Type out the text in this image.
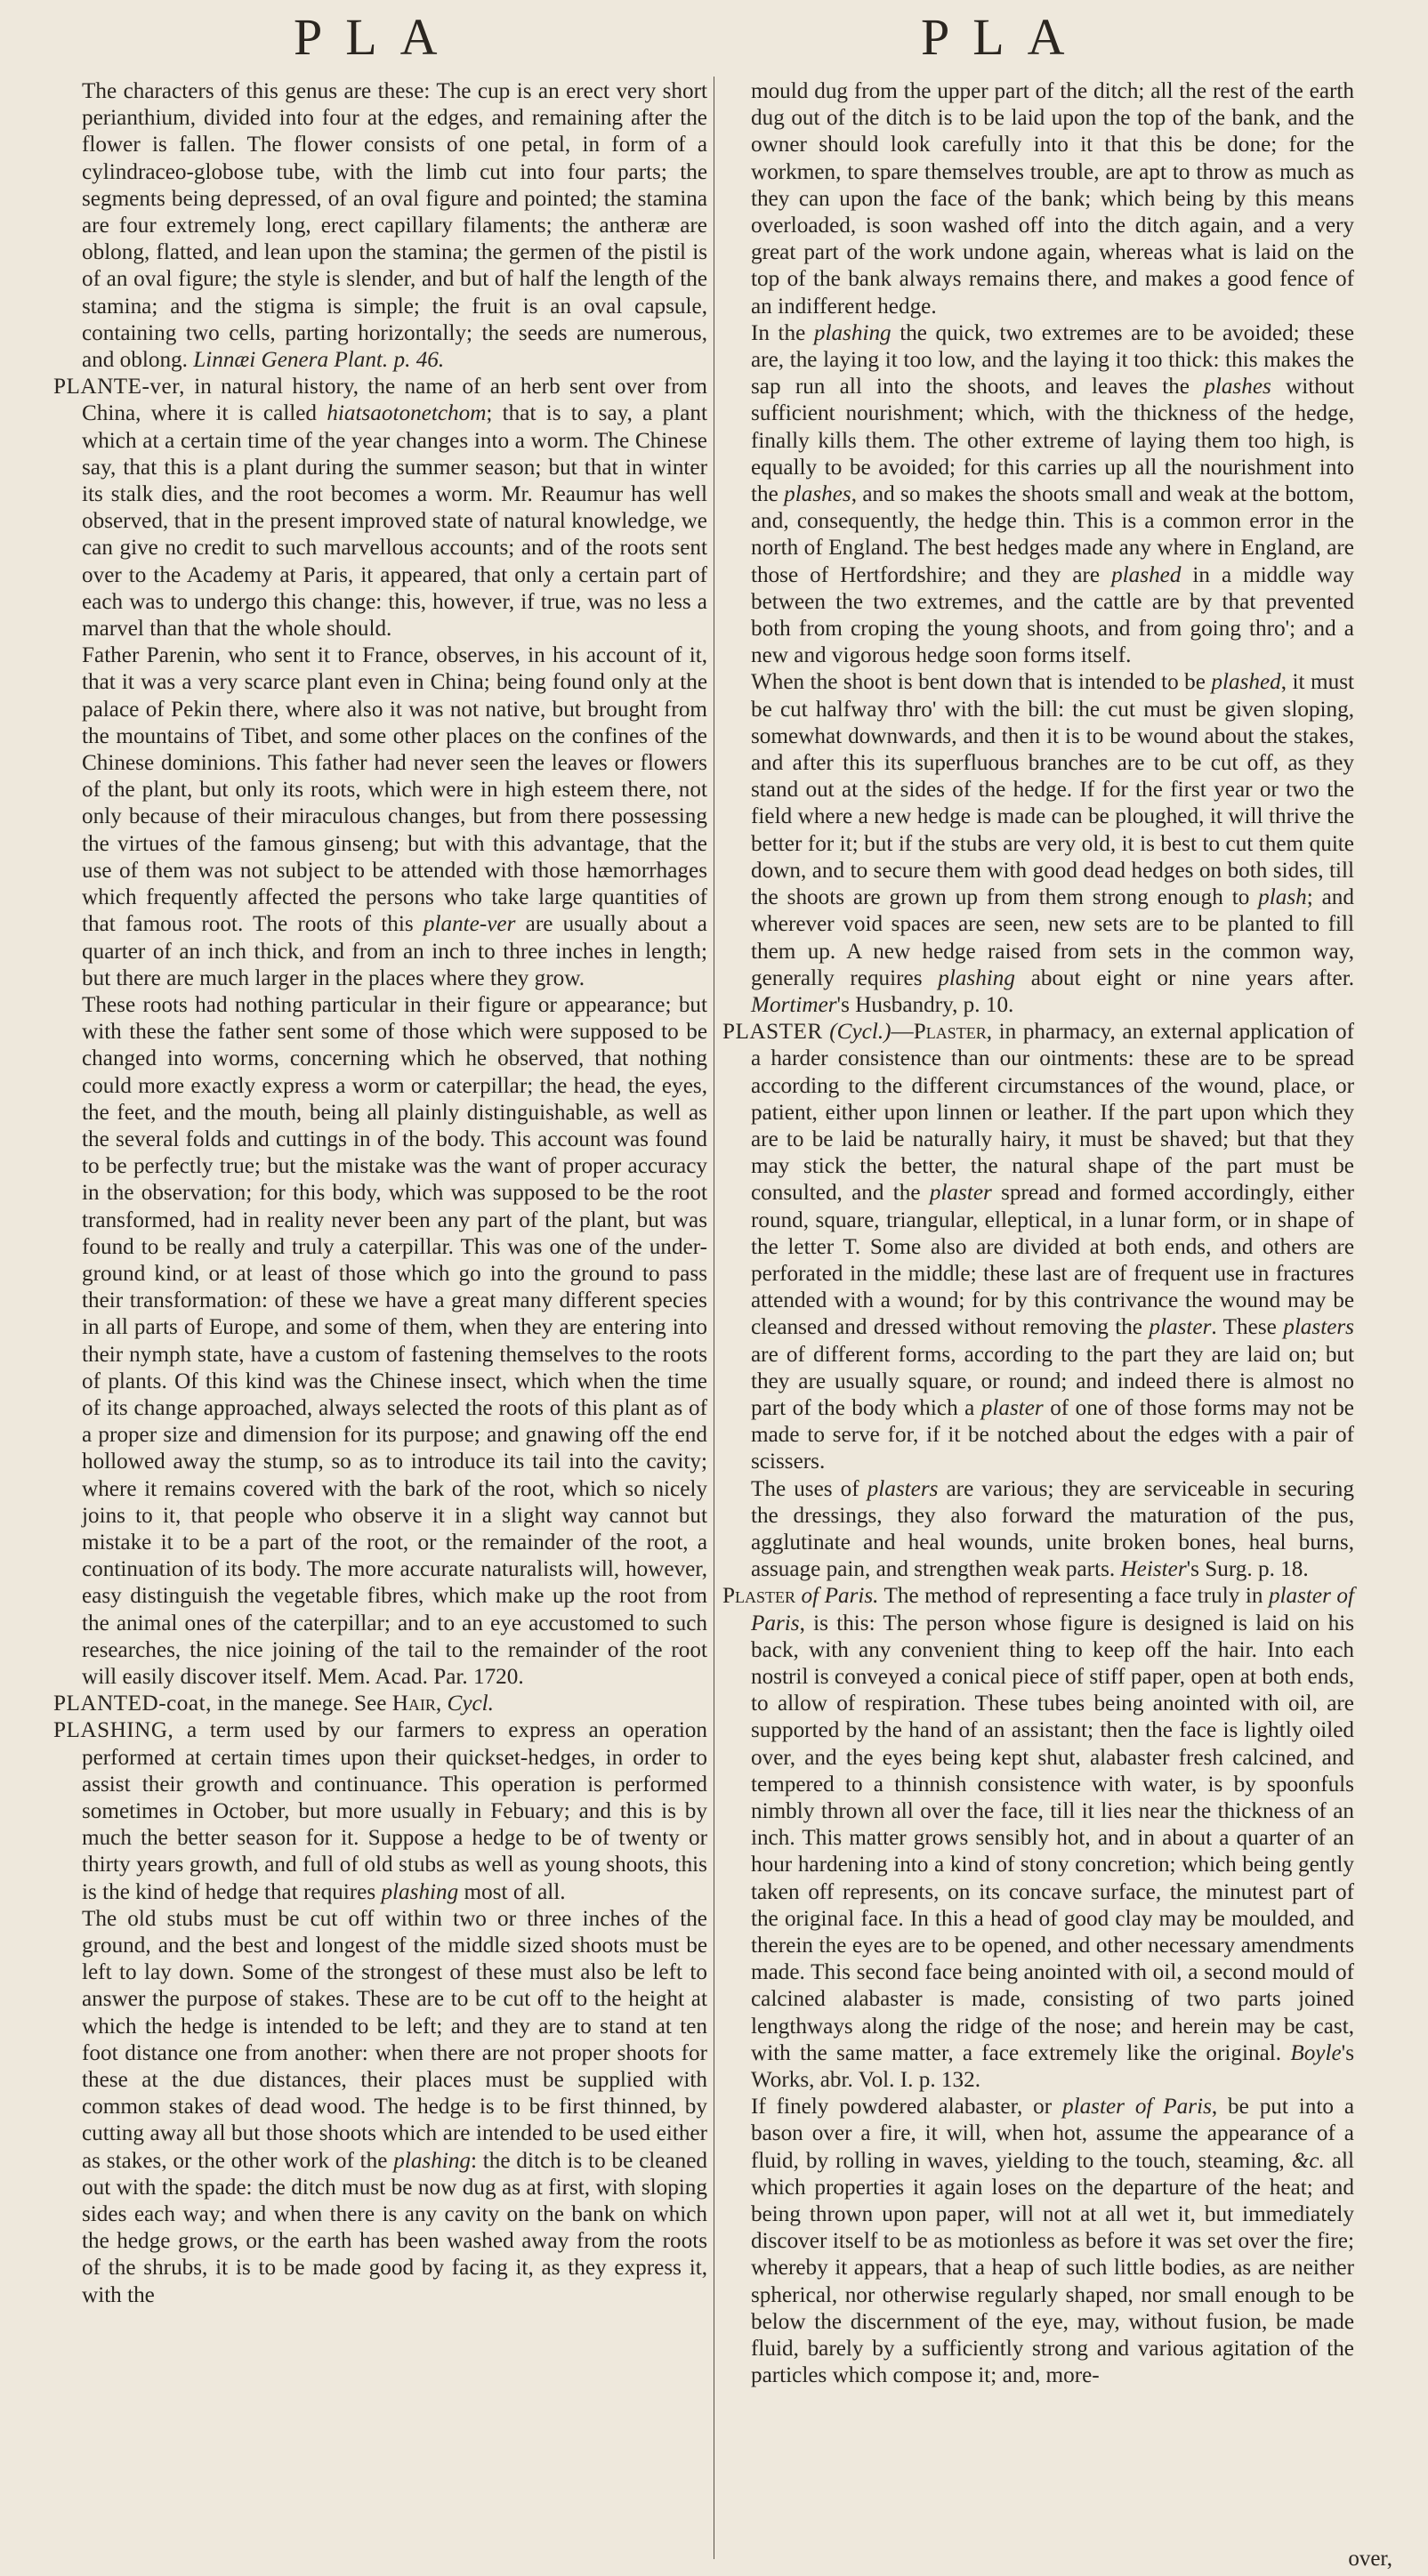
PLA	PLA

The characters of this genus are these: The cup is an erect very short perianthium, divided into four at the edges, and remaining after the flower is fallen. The flower consists of one petal, in form of a cylindraceo-globose tube, with the limb cut into four parts; the segments being depressed, of an oval figure and pointed; the stamina are four extremely long, erect capillary filaments; the antheræ are oblong, flatted, and lean upon the stamina; the germen of the pistil is of an oval figure; the style is slender, and but of half the length of the stamina; and the stigma is simple; the fruit is an oval capsule, containing two cells, parting horizontally; the seeds are numerous, and oblong. Linnæi Genera Plant. p. 46.

PLANTE-ver, in natural history, the name of an herb sent over from China, where it is called hiatsaotonetchom; that is to say, a plant which at a certain time of the year changes into a worm. The Chinese say, that this is a plant during the summer season; but that in winter its stalk dies, and the root becomes a worm. Mr. Reaumur has well observed, that in the present improved state of natural knowledge, we can give no credit to such marvellous accounts; and of the roots sent over to the Academy at Paris, it appeared, that only a certain part of each was to undergo this change: this, however, if true, was no less a marvel than that the whole should.

Father Parenin, who sent it to France, observes, in his account of it, that it was a very scarce plant even in China; being found only at the palace of Pekin there, where also it was not native, but brought from the mountains of Tibet, and some other places on the confines of the Chinese dominions. This father had never seen the leaves or flowers of the plant, but only its roots, which were in high esteem there, not only because of their miraculous changes, but from there possessing the virtues of the famous ginseng; but with this advantage, that the use of them was not subject to be attended with those hæmorrhages which frequently affected the persons who take large quantities of that famous root. The roots of this plante-ver are usually about a quarter of an inch thick, and from an inch to three inches in length; but there are much larger in the places where they grow.

These roots had nothing particular in their figure or appearance; but with these the father sent some of those which were supposed to be changed into worms, concerning which he observed, that nothing could more exactly express a worm or caterpillar; the head, the eyes, the feet, and the mouth, being all plainly distinguishable, as well as the several folds and cuttings in of the body. This account was found to be perfectly true; but the mistake was the want of proper accuracy in the observation; for this body, which was supposed to be the root transformed, had in reality never been any part of the plant, but was found to be really and truly a caterpillar. This was one of the under-ground kind, or at least of those which go into the ground to pass their transformation: of these we have a great many different species in all parts of Europe, and some of them, when they are entering into their nymph state, have a custom of fastening themselves to the roots of plants. Of this kind was the Chinese insect, which when the time of its change approached, always selected the roots of this plant as of a proper size and dimension for its purpose; and gnawing off the end hollowed away the stump, so as to introduce its tail into the cavity; where it remains covered with the bark of the root, which so nicely joins to it, that people who observe it in a slight way cannot but mistake it to be a part of the root, or the remainder of the root, a continuation of its body. The more accurate naturalists will, however, easy distinguish the vegetable fibres, which make up the root from the animal ones of the caterpillar; and to an eye accustomed to such researches, the nice joining of the tail to the remainder of the root will easily discover itself. Mem. Acad. Par. 1720.

PLANTED-coat, in the manege. See Hair, Cycl.

PLASHING, a term used by our farmers to express an operation performed at certain times upon their quickset-hedges, in order to assist their growth and continuance. This operation is performed sometimes in October, but more usually in Febuary; and this is by much the better season for it. Suppose a hedge to be of twenty or thirty years growth, and full of old stubs as well as young shoots, this is the kind of hedge that requires plashing most of all.

The old stubs must be cut off within two or three inches of the ground, and the best and longest of the middle sized shoots must be left to lay down. Some of the strongest of these must also be left to answer the purpose of stakes. These are to be cut off to the height at which the hedge is intended to be left; and they are to stand at ten foot distance one from another: when there are not proper shoots for these at the due distances, their places must be supplied with common stakes of dead wood. The hedge is to be first thinned, by cutting away all but those shoots which are intended to be used either as stakes, or the other work of the plashing: the ditch is to be cleaned out with the spade: the ditch must be now dug as at first, with sloping sides each way; and when there is any cavity on the bank on which the hedge grows, or the earth has been washed away from the roots of the shrubs, it is to be made good by facing it, as they express it, with the

mould dug from the upper part of the ditch; all the rest of the earth dug out of the ditch is to be laid upon the top of the bank, and the owner should look carefully into it that this be done; for the workmen, to spare themselves trouble, are apt to throw as much as they can upon the face of the bank; which being by this means overloaded, is soon washed off into the ditch again, and a very great part of the work undone again, whereas what is laid on the top of the bank always remains there, and makes a good fence of an indifferent hedge.

In the plashing the quick, two extremes are to be avoided; these are, the laying it too low, and the laying it too thick: this makes the sap run all into the shoots, and leaves the plashes without sufficient nourishment; which, with the thickness of the hedge, finally kills them. The other extreme of laying them too high, is equally to be avoided; for this carries up all the nourishment into the plashes, and so makes the shoots small and weak at the bottom, and, consequently, the hedge thin. This is a common error in the north of England. The best hedges made any where in England, are those of Hertfordshire; and they are plashed in a middle way between the two extremes, and the cattle are by that prevented both from croping the young shoots, and from going thro'; and a new and vigorous hedge soon forms itself.

When the shoot is bent down that is intended to be plashed, it must be cut halfway thro' with the bill: the cut must be given sloping, somewhat downwards, and then it is to be wound about the stakes, and after this its superfluous branches are to be cut off, as they stand out at the sides of the hedge. If for the first year or two the field where a new hedge is made can be ploughed, it will thrive the better for it; but if the stubs are very old, it is best to cut them quite down, and to secure them with good dead hedges on both sides, till the shoots are grown up from them strong enough to plash; and wherever void spaces are seen, new sets are to be planted to fill them up. A new hedge raised from sets in the common way, generally requires plashing about eight or nine years after. Mortimer's Husbandry, p. 10.

PLASTER (Cycl.)—Plaster, in pharmacy, an external application of a harder consistence than our ointments: these are to be spread according to the different circumstances of the wound, place, or patient, either upon linnen or leather. If the part upon which they are to be laid be naturally hairy, it must be shaved; but that they may stick the better, the natural shape of the part must be consulted, and the plaster spread and formed accordingly, either round, square, triangular, elleptical, in a lunar form, or in shape of the letter T. Some also are divided at both ends, and others are perforated in the middle; these last are of frequent use in fractures attended with a wound; for by this contrivance the wound may be cleansed and dressed without removing the plaster. These plasters are of different forms, according to the part they are laid on; but they are usually square, or round; and indeed there is almost no part of the body which a plaster of one of those forms may not be made to serve for, if it be notched about the edges with a pair of scissers.

The uses of plasters are various; they are serviceable in securing the dressings, they also forward the maturation of the pus, agglutinate and heal wounds, unite broken bones, heal burns, assuage pain, and strengthen weak parts. Heister's Surg. p. 18.

Plaster of Paris. The method of representing a face truly in plaster of Paris, is this: The person whose figure is designed is laid on his back, with any convenient thing to keep off the hair. Into each nostril is conveyed a conical piece of stiff paper, open at both ends, to allow of respiration. These tubes being anointed with oil, are supported by the hand of an assistant; then the face is lightly oiled over, and the eyes being kept shut, alabaster fresh calcined, and tempered to a thinnish consistence with water, is by spoonfuls nimbly thrown all over the face, till it lies near the thickness of an inch. This matter grows sensibly hot, and in about a quarter of an hour hardening into a kind of stony concretion; which being gently taken off represents, on its concave surface, the minutest part of the original face. In this a head of good clay may be moulded, and therein the eyes are to be opened, and other necessary amendments made. This second face being anointed with oil, a second mould of calcined alabaster is made, consisting of two parts joined lengthways along the ridge of the nose; and herein may be cast, with the same matter, a face extremely like the original. Boyle's Works, abr. Vol. I. p. 132.

If finely powdered alabaster, or plaster of Paris, be put into a bason over a fire, it will, when hot, assume the appearance of a fluid, by rolling in waves, yielding to the touch, steaming, &c. all which properties it again loses on the departure of the heat; and being thrown upon paper, will not at all wet it, but immediately discover itself to be as motionless as before it was set over the fire; whereby it appears, that a heap of such little bodies, as are neither spherical, nor otherwise regularly shaped, nor small enough to be below the discernment of the eye, may, without fusion, be made fluid, barely by a sufficiently strong and various agitation of the particles which compose it; and, more-

over,
